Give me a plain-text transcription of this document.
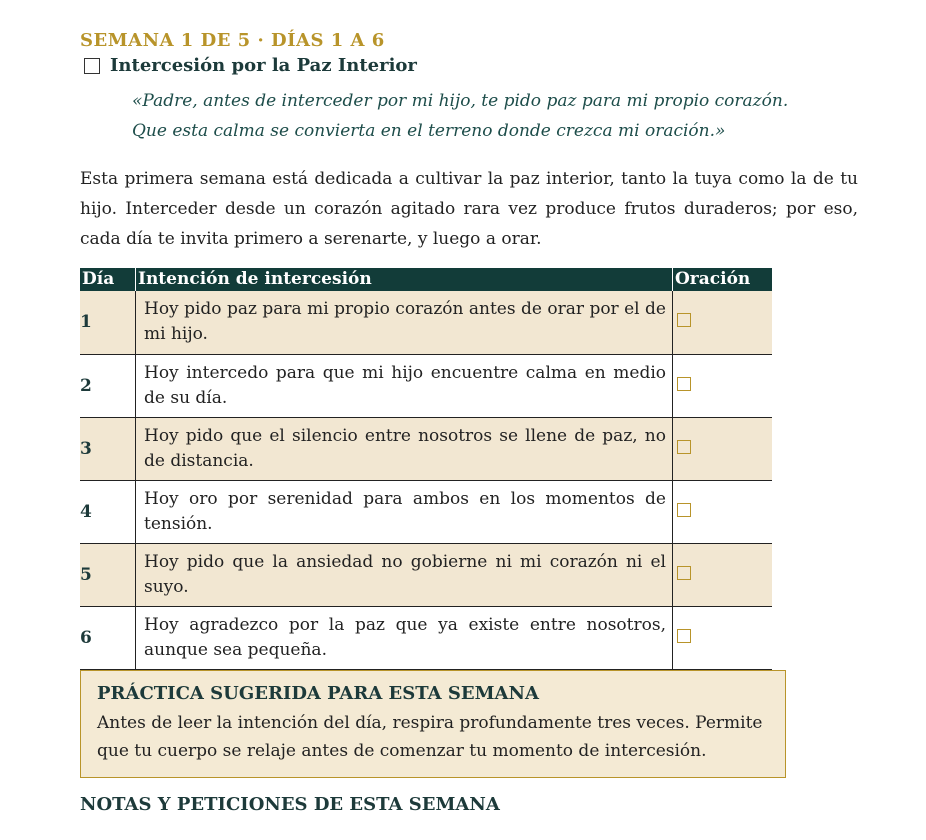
SEMANA 1 DE 5 · DÍAS 1 A 6
Intercesión por la Paz Interior
«Padre, antes de interceder por mi hijo, te pido paz para mi propio corazón.
Que esta calma se convierta en el terreno donde crezca mi oración.»
Esta primera semana está dedicada a cultivar la paz interior, tanto la tuya como la de tu hijo. Interceder desde un corazón agitado rara vez produce frutos duraderos; por eso, cada día te invita primero a serenarte, y luego a orar.
Día	Intención de intercesión	Oración
1	Hoy pido paz para mi propio corazón antes de orar por el de mi hijo.	
2	Hoy intercedo para que mi hijo encuentre calma en medio de su día.	
3	Hoy pido que el silencio entre nosotros se llene de paz, no de distancia.	
4	Hoy oro por serenidad para ambos en los momentos de tensión.	
5	Hoy pido que la ansiedad no gobierne ni mi corazón ni el suyo.	
6	Hoy agradezco por la paz que ya existe entre nosotros, aunque sea pequeña.	
PRÁCTICA SUGERIDA PARA ESTA SEMANA

Antes de leer la intención del día, respira profundamente tres veces. Permite que tu cuerpo se relaje antes de comenzar tu momento de intercesión.

NOTAS Y PETICIONES DE ESTA SEMANA
